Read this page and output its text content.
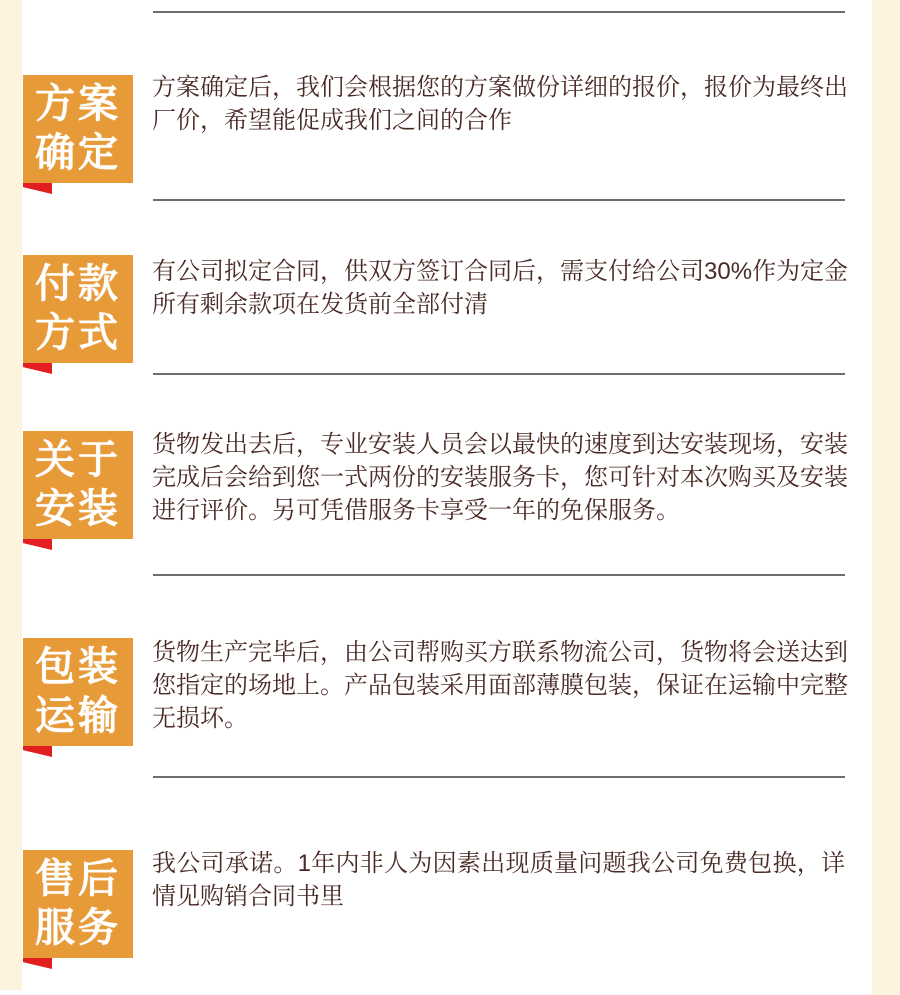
方案
确定
方案确定后，我们会根据您的方案做份详细的报价，报价为最终出
厂价，希望能促成我们之间的合作
付款
方式
有公司拟定合同，供双方签订合同后，需支付给公司30%作为定金
所有剩余款项在发货前全部付清
关于
安装
货物发出去后，专业安装人员会以最快的速度到达安装现场，安装
完成后会给到您一式两份的安装服务卡，您可针对本次购买及安装
进行评价。另可凭借服务卡享受一年的免保服务。
包装
运输
货物生产完毕后，由公司帮购买方联系物流公司，货物将会送达到
您指定的场地上。产品包装采用面部薄膜包装，保证在运输中完整
无损坏。
售后
服务
我公司承诺。1年内非人为因素出现质量问题我公司免费包换，详
情见购销合同书里
